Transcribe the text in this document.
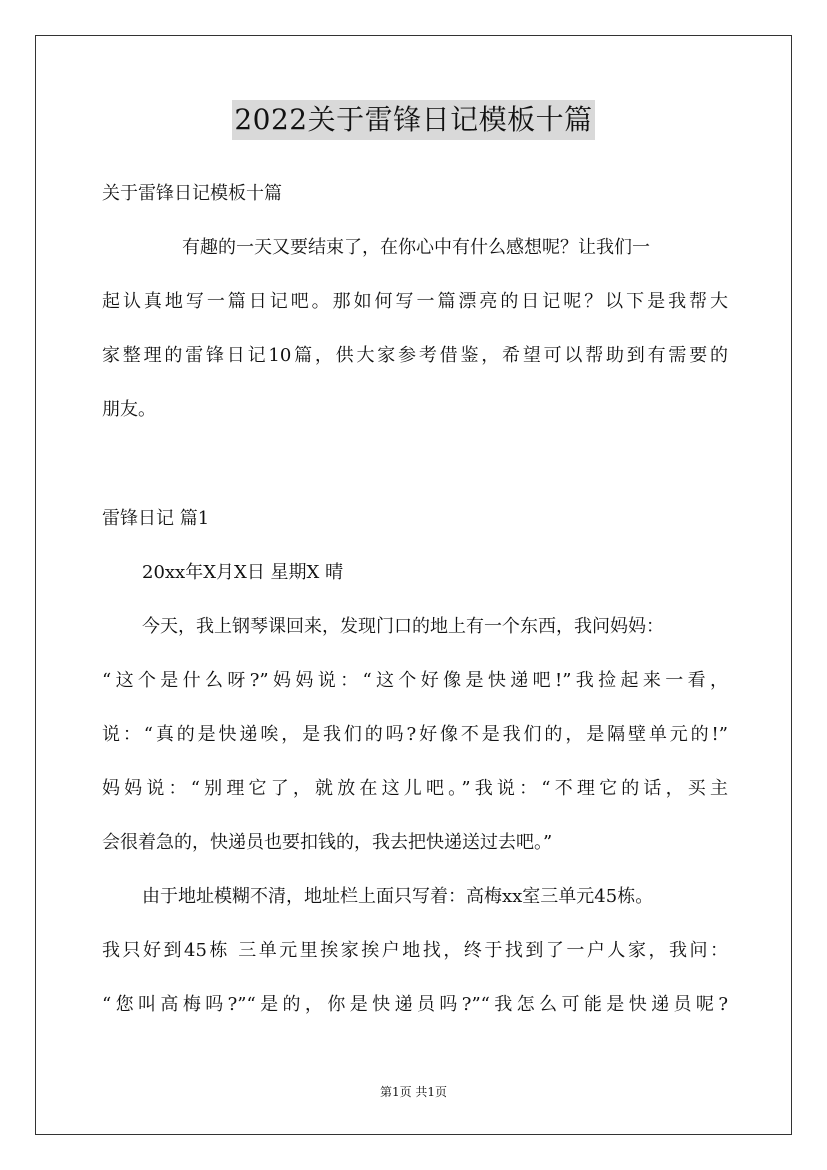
2022关于雷锋日记模板十篇
关于雷锋日记模板十篇
有趣的一天又要结束了，在你心中有什么感想呢？让我们一
起认真地写一篇日记吧。那如何写一篇漂亮的日记呢？以下是我帮大
家整理的雷锋日记10篇，供大家参考借鉴，希望可以帮助到有需要的
朋友。
雷锋日记 篇1
20xx年X月X日 星期X 晴
今天，我上钢琴课回来，发现门口的地上有一个东西，我问妈妈：
“这个是什么呀?”妈妈说：“这个好像是快递吧!”我捡起来一看，
说：“真的是快递唉，是我们的吗?好像不是我们的，是隔壁单元的!”
妈妈说：“别理它了，就放在这儿吧。”我说：“不理它的话，买主
会很着急的，快递员也要扣钱的，我去把快递送过去吧。”
由于地址模糊不清，地址栏上面只写着：高梅xx室三单元45栋。
我只好到45栋 三单元里挨家挨户地找，终于找到了一户人家，我问：
“您叫高梅吗?”“是的，你是快递员吗?”“我怎么可能是快递员呢?
第1页 共1页
